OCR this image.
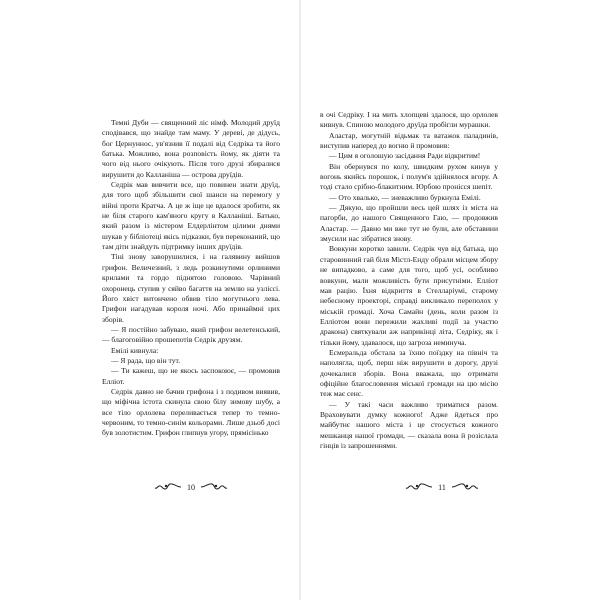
Темні Дуби — священний ліс німф. Молодий друїд сподівався, що знайде там маму. У дереві, де дідусь, бог Цернуннос, ув'язнив її подалі від Седріка та його батька. Можливо, вона розповість йому, як діяти та чого від нього очікують. Після того друзі збиралися вирушити до Калланіша — острова друїдів.

Седрік мав вивчити все, що повинен знати друїд, для того щоб збільшити свої шанси на перемогу у війні проти Кратча. А це ж іще це вдалося зробити, як не біля старого кам'яного кругу в Калланіші. Батько, який разом із містером Елдерлінтом цілими днями шукав у бібліотеці якісь підказки, був переконаний, що там діти знайдуть підтримку інших друїдів.

Тіні знову заворушилися, і на галявину вийшов грифон. Величезний, з ледь розкинутими орлиними крилами та гордо піднятою головою. Чарівний охоронець ступив у сяйво багаття на землю на узліссі. Його хвіст витончено обвив тіло могутнього лева. Грифон нагадував короля ночі. Або принаймні цих зборів.

— Я постійно забуваю, який грифон велетенський, — благоговійно прошепотів Седрік друзям.

Емілі кивнула:

— Я рада, що він тут.

— Ти кажеш, що не якось заспокоює, — промовив Елліот.

Седрік давно не бачив грифона і з подивом виявив, що міфічна істота скинула свою білу зимову шубу, а все тіло орлолева переливається тепер то темно-червоним, то темно-синім кольорами. Лише дзьоб досі був золотистим. Грифон глипнув угору, прямісінько

в очі Седріку. І на мить хлопцеві здалося, що орлолев кивнув. Спиною молодого друїда пробігли мурашки.

Аластар, могутній відьмак та ватажок паладинів, виступив наперед до вогню й промовив:

— Цим я оголошую засідання Ради відкритим!

Він обернувся по колу, швидким рухом кинув у вогонь якийсь порошок, і полум'я здійнялося вгору. А тоді стало срібно-блакитним. Юрбою пронісся шепіт.

— Ото хвалько, — зневажливо буркнула Емілі.

— Дякую, що пройшли весь цей шлях із міста на пагорби, до нашого Священного Гаю, — продовжив Аластар. — Давно ми вже тут не були, але обставини змусили нас зібратися знову.

Вовкуни коротко завили. Седрік чув від батька, що старовинний гай біля Містл-Енду обрали місцем збору не випадково, а саме для того, щоб усі, особливо вовкуни, мали можливість бути присутніми. Елліот мав рацію. Їхня відкриття в Стелларіумі, старому небесному проекторі, справді викликало переполох у міській громаді. Хоча Самайн (день, коли разом із Елліотом вони пережили жахливі події за участю дракона) святкували аж наприкінці літа, Седріку, як і тільки йому, здавалося, що загроза неминуча.

Есмеральда обстала за їхню поїздку на північ та наполягла, щоб, перш ніж вирушити в дорогу, друзі дочекалися зборів. Вона вважала, що отримати офіційне благословення міської громади на цю місію теж має сенс.

— У такі часи важливо триматися разом. Враховувати думку кожного! Адже йдеться про майбутнє нашого міста і це стосується кожного мешканця нашої громади, — сказала вона й розіслала гінців із запрошеннями.

10	11
